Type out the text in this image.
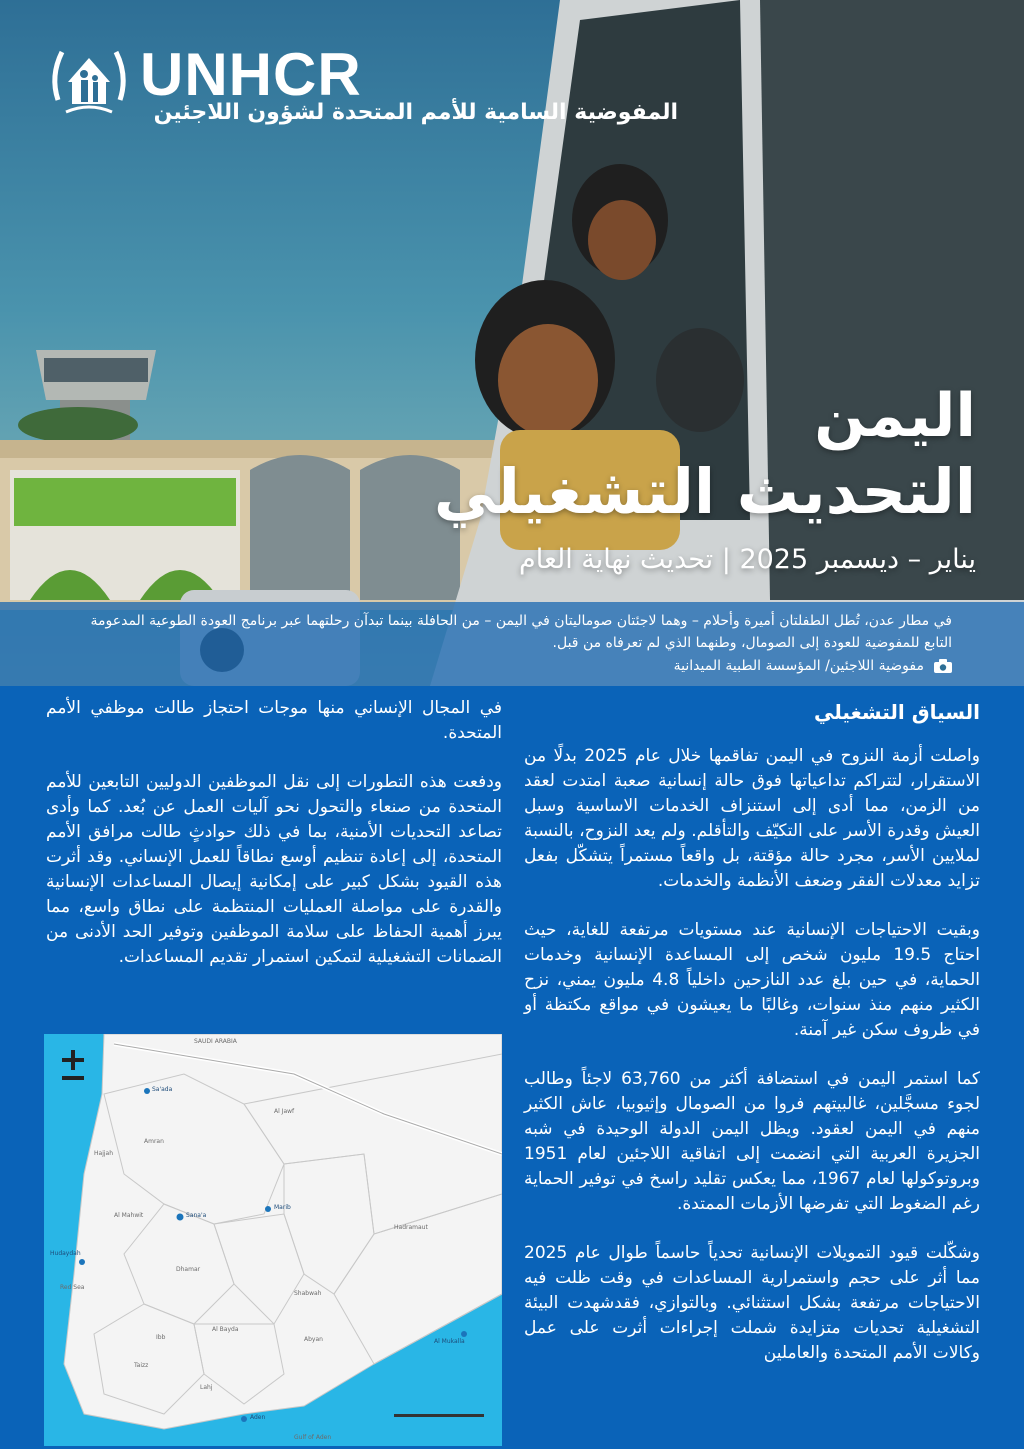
UNHCR
المفوضية السامية للأمم المتحدة لشؤون اللاجئين
اليمن
التحديث التشغيلي
يناير – ديسمبر 2025 | تحديث نهاية العام
في مطار عدن، تُطل الطفلتان أميرة وأحلام – وهما لاجئتان صوماليتان في اليمن – من الحافلة بينما تبدآن رحلتهما عبر برنامج العودة الطوعية المدعومة التابع للمفوضية للعودة إلى الصومال، وطنهما الذي لم تعرفاه من قبل.
مفوضية اللاجئين/ المؤسسة الطبية الميدانية
السياق التشغيلي

واصلت أزمة النزوح في اليمن تفاقمها خلال عام 2025 بدلًا من الاستقرار، لتتراكم تداعياتها فوق حالة إنسانية صعبة امتدت لعقد من الزمن، مما أدى إلى استنزاف الخدمات الاساسية وسبل العيش وقدرة الأسر على التكيّف والتأقلم. ولم يعد النزوح، بالنسبة لملايين الأسر، مجرد حالة مؤقتة، بل واقعاً مستمراً يتشكّل بفعل تزايد معدلات الفقر وضعف الأنظمة والخدمات.

وبقيت الاحتياجات الإنسانية عند مستويات مرتفعة للغاية، حيث احتاج 19.5 مليون شخص إلى المساعدة الإنسانية وخدمات الحماية، في حين بلغ عدد النازحين داخلياً 4.8 مليون يمني، نزح الكثير منهم منذ سنوات، وغالبًا ما يعيشون في مواقع مكتظة أو في ظروف سكن غير آمنة.

كما استمر اليمن في استضافة أكثر من 63,760 لاجئاً وطالب لجوء مسجَّلين، غالبيتهم فروا من الصومال وإثيوبيا، عاش الكثير منهم في اليمن لعقود. ويظل اليمن الدولة الوحيدة في شبه الجزيرة العربية التي انضمت إلى اتفاقية اللاجئين لعام 1951 وبروتوكولها لعام 1967، مما يعكس تقليد راسخ في توفير الحماية رغم الضغوط التي تفرضها الأزمات الممتدة.

وشكّلت قيود التمويلات الإنسانية تحدياً حاسماً طوال عام 2025 مما أثر على حجم واستمرارية المساعدات في وقت ظلت فيه الاحتياجات مرتفعة بشكل استثنائي. وبالتوازي، فقدشهدت البيئة التشغيلية تحديات متزايدة شملت إجراءات أثرت على عمل وكالات الأمم المتحدة والعاملين

في المجال الإنساني منها موجات احتجاز طالت موظفي الأمم المتحدة.

ودفعت هذه التطورات إلى نقل الموظفين الدوليين التابعين للأمم المتحدة من صنعاء والتحول نحو آليات العمل عن بُعد. كما وأدى تصاعد التحديات الأمنية، بما في ذلك حوادثٍ طالت مرافق الأمم المتحدة، إلى إعادة تنظيم أوسع نطاقاً للعمل الإنساني. وقد أثرت هذه القيود بشكل كبير على إمكانية إيصال المساعدات الإنسانية والقدرة على مواصلة العمليات المنتظمة على نطاق واسع، مما يبرز أهمية الحفاظ على سلامة الموظفين وتوفير الحد الأدنى من الضمانات التشغيلية لتمكين استمرار تقديم المساعدات.

Sa'ada
Sana'a
Marib
Hudaydah
Aden
Al Mukalla
SAUDI ARABIA
Al Jawf
Amran
Hajjah
Al Mahwit
Dhamar
Ibb
Taizz
Lahj
Abyan
Shabwah
Al Bayda
Hadramaut
Red Sea
Gulf of Aden
